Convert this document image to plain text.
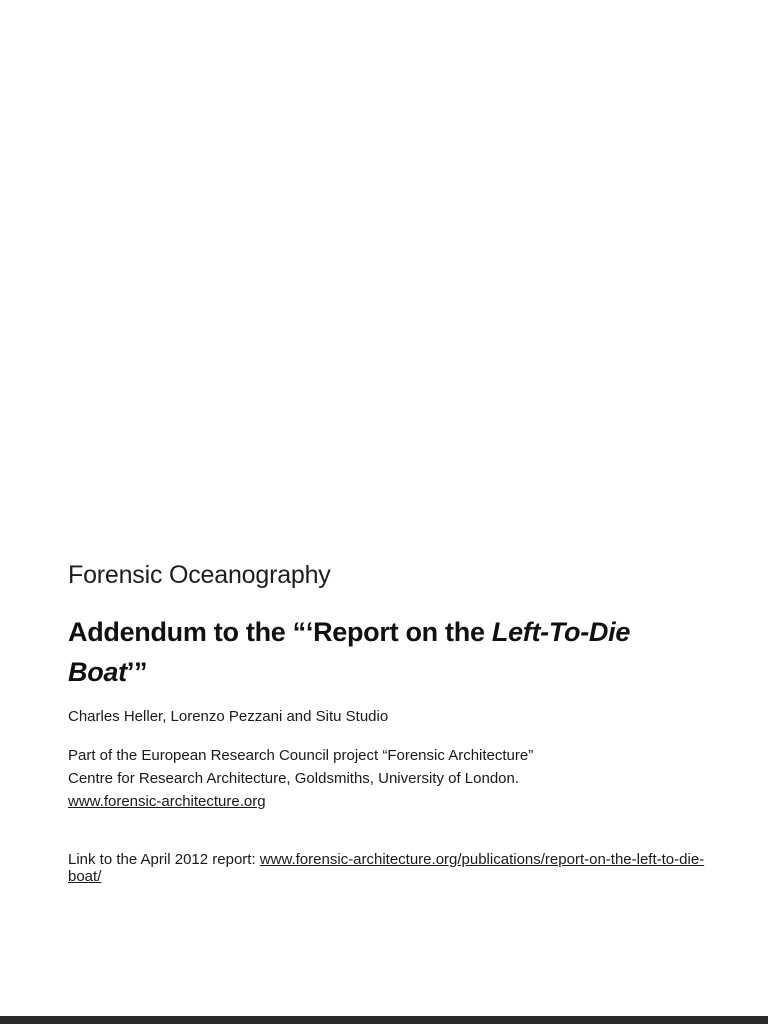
Forensic Oceanography
Addendum to the “‘Report on the Left-To-Die Boat’”
Charles Heller, Lorenzo Pezzani and Situ Studio
Part of the European Research Council project “Forensic Architecture”
Centre for Research Architecture, Goldsmiths, University of London.
www.forensic-architecture.org
Link to the April 2012 report: www.forensic-architecture.org/publications/report-on-the-left-to-die-boat/
